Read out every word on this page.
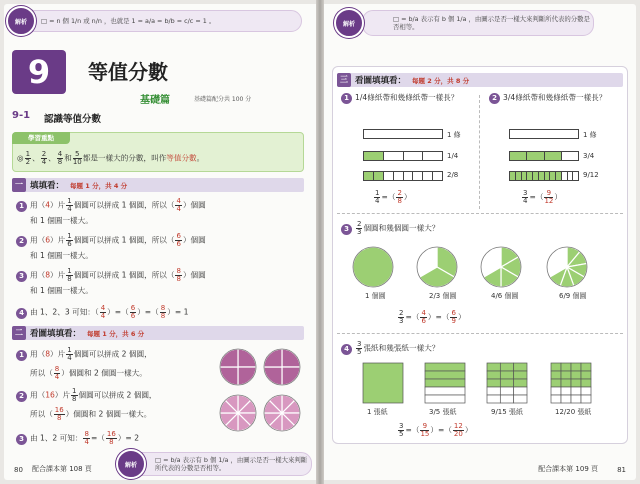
□ = n 個 1/n 或 n/n ，也就是 1 = a/a = b/b = c/c = 1 。
解析
9	等值分數
基礎篇	基礎篇配分共 100 分
9-1 認識等值分數
學習重點
◎ $\frac{1}{2}$ 、 $\frac{2}{4}$ 、 $\frac{4}{8}$ 和 $\frac{5}{10}$ 都是一樣大的分數，叫作等值分數。
一 填填看： 每題 1 分，共 4 分
1 用（4）片 $\frac{1}{4}$ 個圓可以拼成 1 個圓，所以（ $\frac{4}{4}$ ）個圓
和 1 個圓一樣大。
2 用（6）片 $\frac{1}{6}$ 個圓可以拼成 1 個圓，所以（ $\frac{6}{6}$ ）個圓
和 1 個圓一樣大。
3 用（8）片 $\frac{1}{8}$ 個圓可以拼成 1 個圓，所以（ $\frac{8}{8}$ ）個圓
和 1 個圓一樣大。
4 由 1、2、3 可知：（ $\frac{4}{4}$ ）=（ $\frac{6}{6}$ ）=（ $\frac{8}{8}$ ）= 1
二 看圖填填看： 每題 1 分，共 6 分
1 用（8）片 $\frac{1}{4}$ 個圓可以拼成 2 個圓，
所以（ $\frac{8}{4}$ ）個圓和 2 個圓一樣大。
2 用（16）片 $\frac{1}{8}$ 個圓可以拼成 2 個圓，
所以（ $\frac{16}{8}$ ）個圓和 2 個圓一樣大。
3 由 1、2 可知： $\frac{8}{4}$ =（ $\frac{16}{8}$ ）= 2
80 配合課本第 108 頁
□ = b/a 表示有 b 個 1/a ，由圖示是否一樣大來判斷所代表的分數是否相等。
解析
□ = b/a 表示有 b 個 1/a ，由圖示是否一樣大來判斷所代表的分數是否相等。
解析
三 看圖填填看： 每題 2 分，共 8 分
1 1/4條紙帶和幾條紙帶一樣長？
1 條
1/4
2/8
$\frac{1}{4}$ =（ $\frac{2}{8}$ ）
2 3/4條紙帶和幾條紙帶一樣長？
1 條
3/4
9/12
$\frac{3}{4}$ =（ $\frac{9}{12}$ ）
$3 \frac{2}{3}$ 個圓和幾個圓一樣大？
1 個圓	2/3 個圓	4/6 個圓	6/9 個圓
$\frac{2}{3}$ =（ $\frac{4}{6}$ ）=（ $\frac{6}{9}$ ）
$4 \frac{3}{5}$ 張紙和幾張紙一樣大？
1 張紙	3/5 張紙	9/15 張紙	12/20 張紙
$\frac{3}{5}$ =（ $\frac{9}{15}$ ）=（ $\frac{12}{20}$ ）
配合課本第 109 頁	81
